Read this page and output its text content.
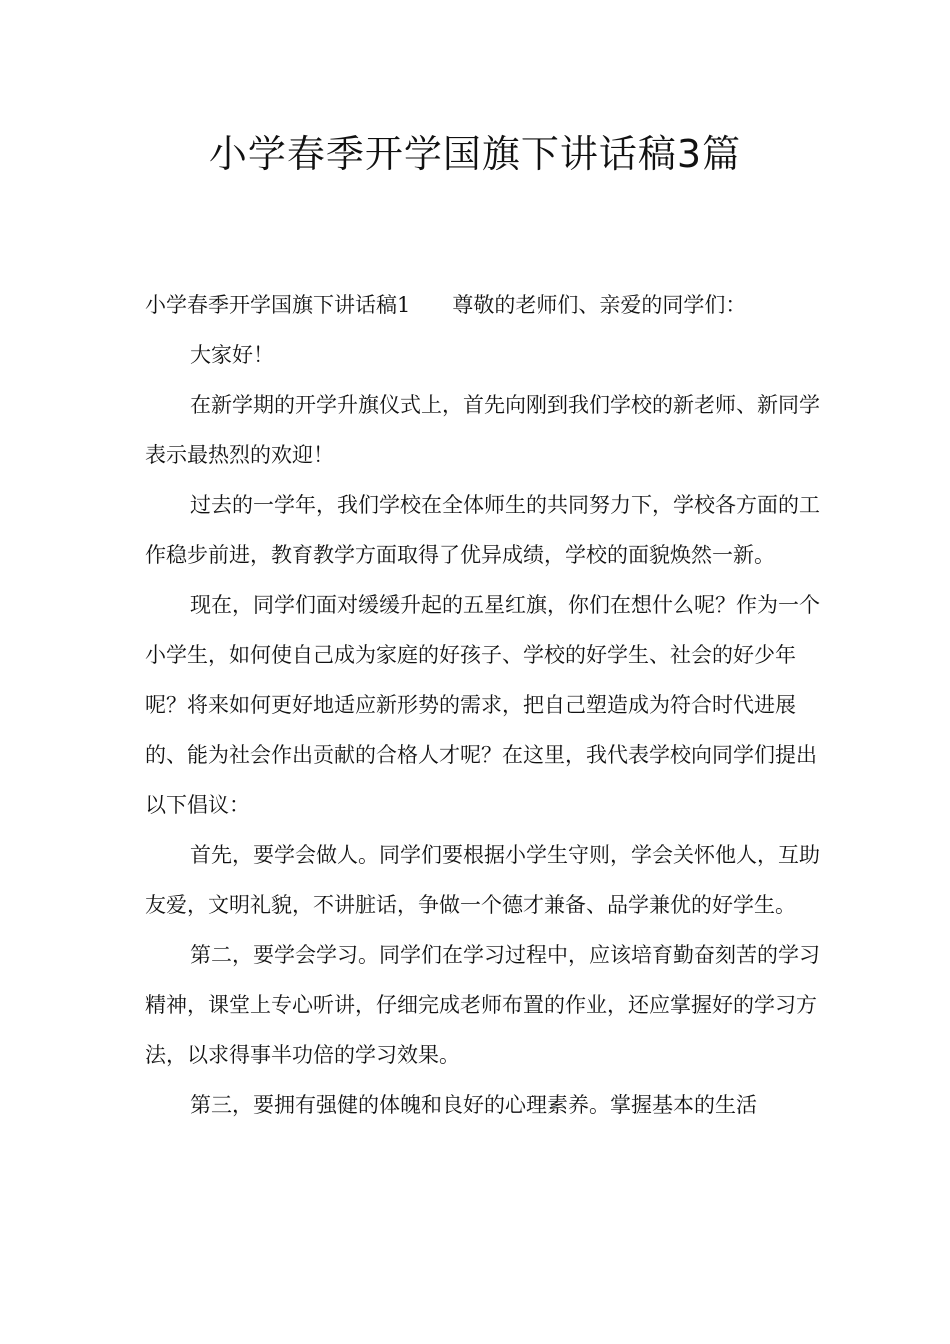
小学春季开学国旗下讲话稿3篇

小学春季开学国旗下讲话稿1 尊敬的老师们、亲爱的同学们：

大家好！

在新学期的开学升旗仪式上，首先向刚到我们学校的新老师、新同学表示最热烈的欢迎！

过去的一学年，我们学校在全体师生的共同努力下，学校各方面的工作稳步前进，教育教学方面取得了优异成绩，学校的面貌焕然一新。

现在，同学们面对缓缓升起的五星红旗，你们在想什么呢？作为一个小学生，如何使自己成为家庭的好孩子、学校的好学生、社会的好少年呢？将来如何更好地适应新形势的需求，把自己塑造成为符合时代进展的、能为社会作出贡献的合格人才呢？在这里，我代表学校向同学们提出以下倡议：

首先，要学会做人。同学们要根据小学生守则，学会关怀他人，互助友爱，文明礼貌，不讲脏话，争做一个德才兼备、品学兼优的好学生。

第二，要学会学习。同学们在学习过程中，应该培育勤奋刻苦的学习精神，课堂上专心听讲，仔细完成老师布置的作业，还应掌握好的学习方法，以求得事半功倍的学习效果。

第三，要拥有强健的体魄和良好的心理素养。掌握基本的生活
